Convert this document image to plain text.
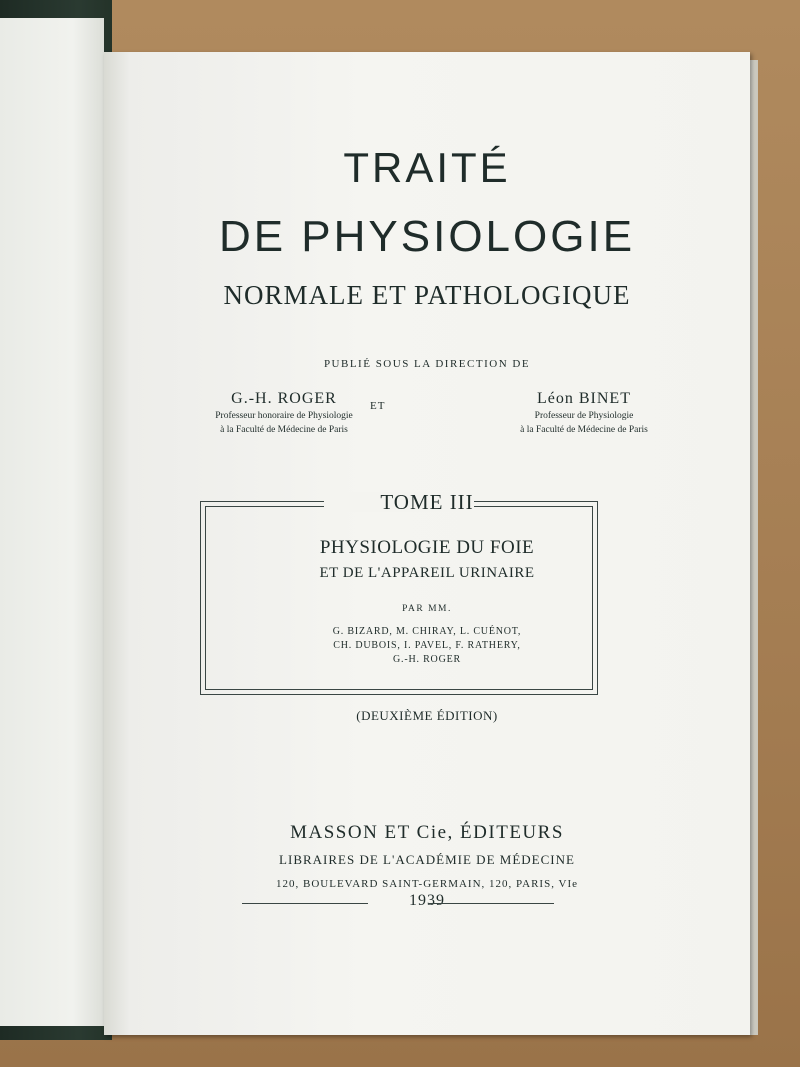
TRAITÉ
DE PHYSIOLOGIE
NORMALE ET PATHOLOGIQUE
PUBLIÉ SOUS LA DIRECTION DE
G.-H. ROGER
Professeur honoraire de Physiologie
à la Faculté de Médecine de Paris
ET	Léon BINET
Professeur de Physiologie
à la Faculté de Médecine de Paris
TOME III
PHYSIOLOGIE DU FOIE
ET DE L'APPAREIL URINAIRE
PAR MM.
G. BIZARD, M. CHIRAY, L. CUÉNOT,
CH. DUBOIS, I. PAVEL, F. RATHERY,
G.-H. ROGER
(DEUXIÈME ÉDITION)
MASSON ET Cie, ÉDITEURS
LIBRAIRES DE L'ACADÉMIE DE MÉDECINE
120, BOULEVARD SAINT-GERMAIN, 120, PARIS, VIe
1939
